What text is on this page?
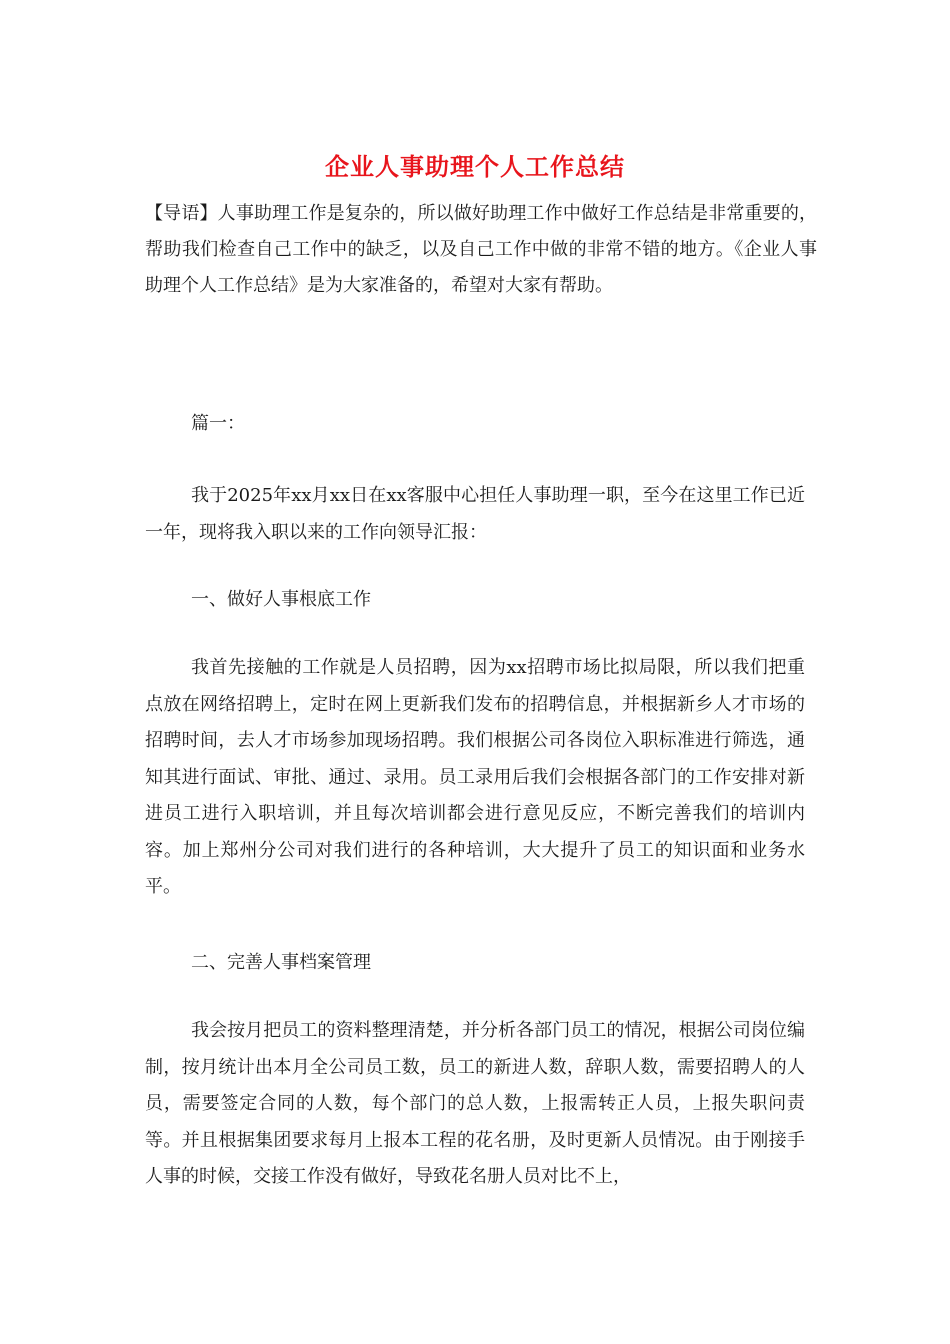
企业人事助理个人工作总结

【导语】人事助理工作是复杂的，所以做好助理工作中做好工作总结是非常重要的，帮助我们检查自己工作中的缺乏，以及自己工作中做的非常不错的地方。《企业人事助理个人工作总结》是为大家准备的，希望对大家有帮助。

篇一：

我于2025年xx月xx日在xx客服中心担任人事助理一职，至今在这里工作已近一年，现将我入职以来的工作向领导汇报：

一、做好人事根底工作

我首先接触的工作就是人员招聘，因为xx招聘市场比拟局限，所以我们把重点放在网络招聘上，定时在网上更新我们发布的招聘信息，并根据新乡人才市场的招聘时间，去人才市场参加现场招聘。我们根据公司各岗位入职标准进行筛选，通知其进行面试、审批、通过、录用。员工录用后我们会根据各部门的工作安排对新进员工进行入职培训，并且每次培训都会进行意见反应，不断完善我们的培训内容。加上郑州分公司对我们进行的各种培训，大大提升了员工的知识面和业务水平。

二、完善人事档案管理

我会按月把员工的资料整理清楚，并分析各部门员工的情况，根据公司岗位编制，按月统计出本月全公司员工数，员工的新进人数，辞职人数，需要招聘人的人员，需要签定合同的人数，每个部门的总人数，上报需转正人员，上报失职问责等。并且根据集团要求每月上报本工程的花名册，及时更新人员情况。由于刚接手人事的时候，交接工作没有做好，导致花名册人员对比不上，
